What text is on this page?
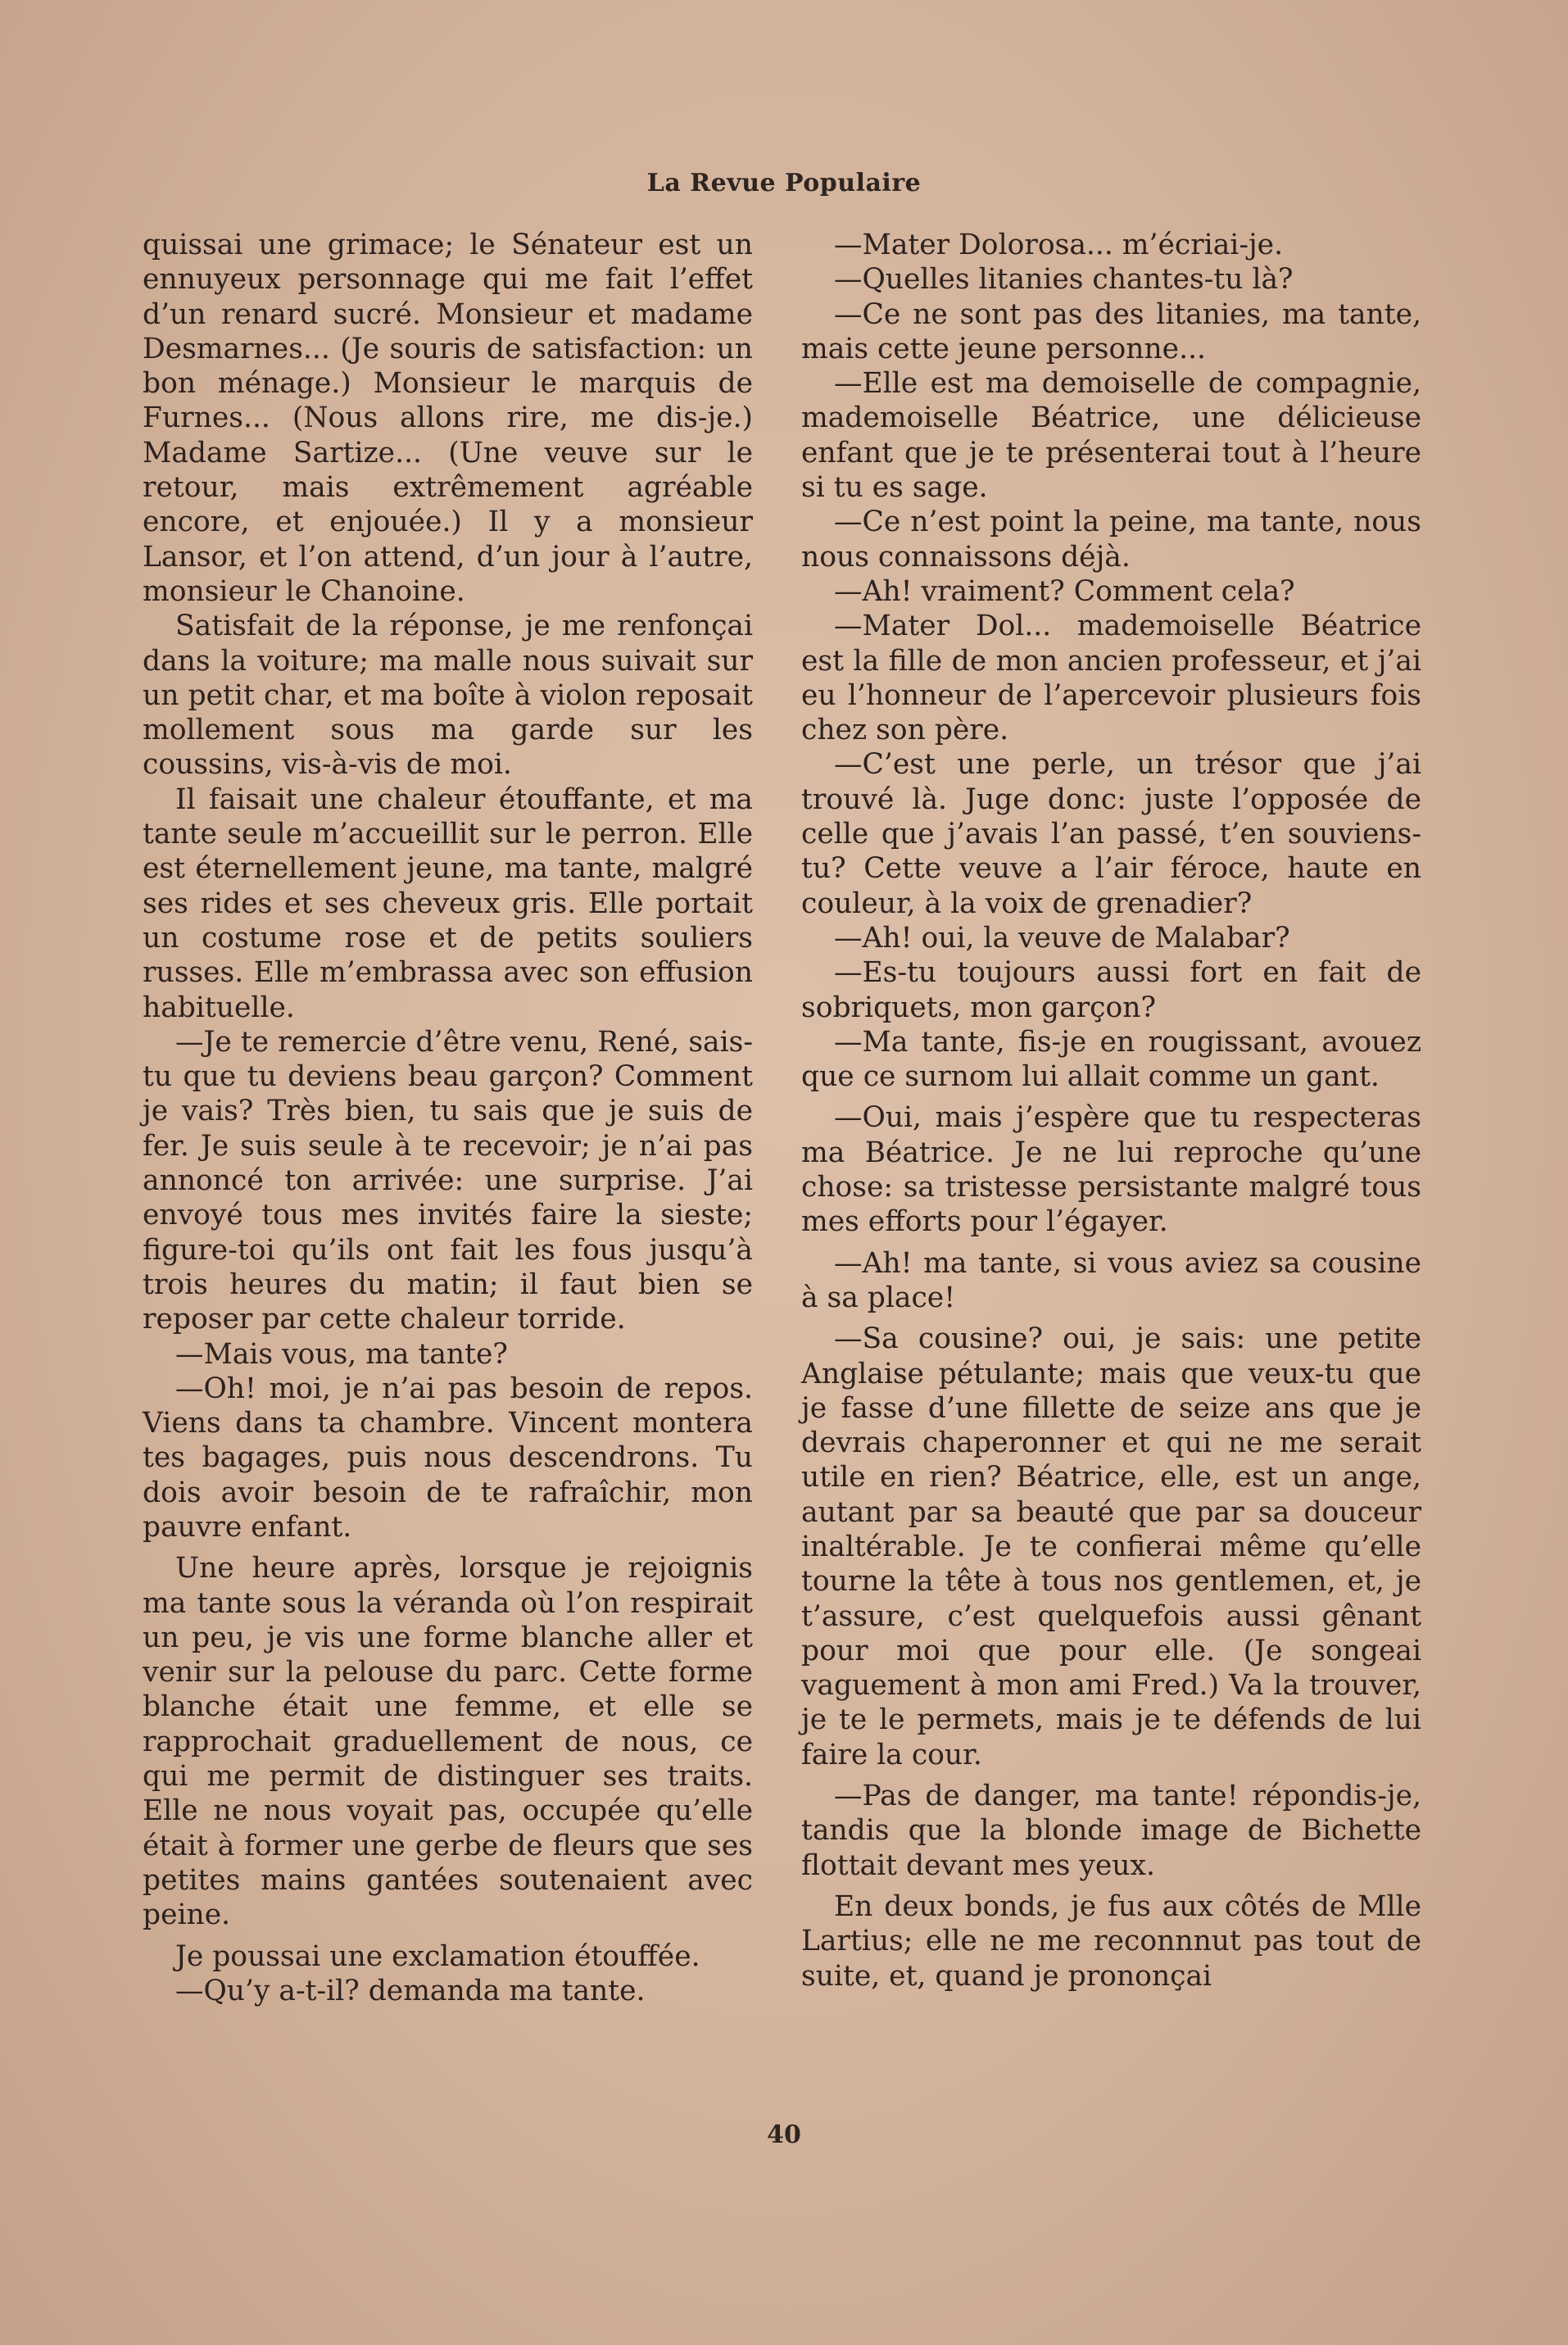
La Revue Populaire

quissai une grimace; le Sénateur est un ennuyeux personnage qui me fait l’effet d’un renard sucré. Monsieur et madame Desmarnes... (Je souris de satisfaction: un bon ménage.) Monsieur le marquis de Furnes... (Nous allons rire, me dis-je.) Madame Sartize... (Une veuve sur le retour, mais extrêmement agréable encore, et enjouée.) Il y a monsieur Lansor, et l’on attend, d’un jour à l’autre, monsieur le Chanoine.

Satisfait de la réponse, je me renfonçai dans la voiture; ma malle nous suivait sur un petit char, et ma boîte à violon reposait mollement sous ma garde sur les coussins, vis-à-vis de moi.

Il faisait une chaleur étouffante, et ma tante seule m’accueillit sur le perron. Elle est éternellement jeune, ma tante, malgré ses rides et ses cheveux gris. Elle portait un costume rose et de petits souliers russes. Elle m’embrassa avec son effusion habituelle.

—Je te remercie d’être venu, René, sais-tu que tu deviens beau garçon? Comment je vais? Très bien, tu sais que je suis de fer. Je suis seule à te recevoir; je n’ai pas annoncé ton arrivée: une surprise. J’ai envoyé tous mes invités faire la sieste; figure-toi qu’ils ont fait les fous jusqu’à trois heures du matin; il faut bien se reposer par cette chaleur torride.

—Mais vous, ma tante?

—Oh! moi, je n’ai pas besoin de repos. Viens dans ta chambre. Vincent montera tes bagages, puis nous descendrons. Tu dois avoir besoin de te rafraîchir, mon pauvre enfant.

Une heure après, lorsque je rejoignis ma tante sous la véranda où l’on respirait un peu, je vis une forme blanche aller et venir sur la pelouse du parc. Cette forme blanche était une femme, et elle se rapprochait graduellement de nous, ce qui me permit de distinguer ses traits. Elle ne nous voyait pas, occupée qu’elle était à former une gerbe de fleurs que ses petites mains gantées soutenaient avec peine.

Je poussai une exclamation étouffée.

—Qu’y a-t-il? demanda ma tante.

—Mater Dolorosa... m’écriai-je.

—Quelles litanies chantes-tu là?

—Ce ne sont pas des litanies, ma tante, mais cette jeune personne...

—Elle est ma demoiselle de compagnie, mademoiselle Béatrice, une délicieuse enfant que je te présenterai tout à l’heure si tu es sage.

—Ce n’est point la peine, ma tante, nous nous connaissons déjà.

—Ah! vraiment? Comment cela?

—Mater Dol... mademoiselle Béatrice est la fille de mon ancien professeur, et j’ai eu l’honneur de l’apercevoir plusieurs fois chez son père.

—C’est une perle, un trésor que j’ai trouvé là. Juge donc: juste l’opposée de celle que j’avais l’an passé, t’en souviens-tu? Cette veuve a l’air féroce, haute en couleur, à la voix de grenadier?

—Ah! oui, la veuve de Malabar?

—Es-tu toujours aussi fort en fait de sobriquets, mon garçon?

—Ma tante, fis-je en rougissant, avouez que ce surnom lui allait comme un gant.

—Oui, mais j’espère que tu respecteras ma Béatrice. Je ne lui reproche qu’une chose: sa tristesse persistante malgré tous mes efforts pour l’égayer.

—Ah! ma tante, si vous aviez sa cousine à sa place!

—Sa cousine? oui, je sais: une petite Anglaise pétulante; mais que veux-tu que je fasse d’une fillette de seize ans que je devrais chaperonner et qui ne me serait utile en rien? Béatrice, elle, est un ange, autant par sa beauté que par sa douceur inaltérable. Je te confierai même qu’elle tourne la tête à tous nos gentlemen, et, je t’assure, c’est quelquefois aussi gênant pour moi que pour elle. (Je songeai vaguement à mon ami Fred.) Va la trouver, je te le permets, mais je te défends de lui faire la cour.

—Pas de danger, ma tante! répondis-je, tandis que la blonde image de Bichette flottait devant mes yeux.

En deux bonds, je fus aux côtés de Mlle Lartius; elle ne me reconnnut pas tout de suite, et, quand je prononçai

40
